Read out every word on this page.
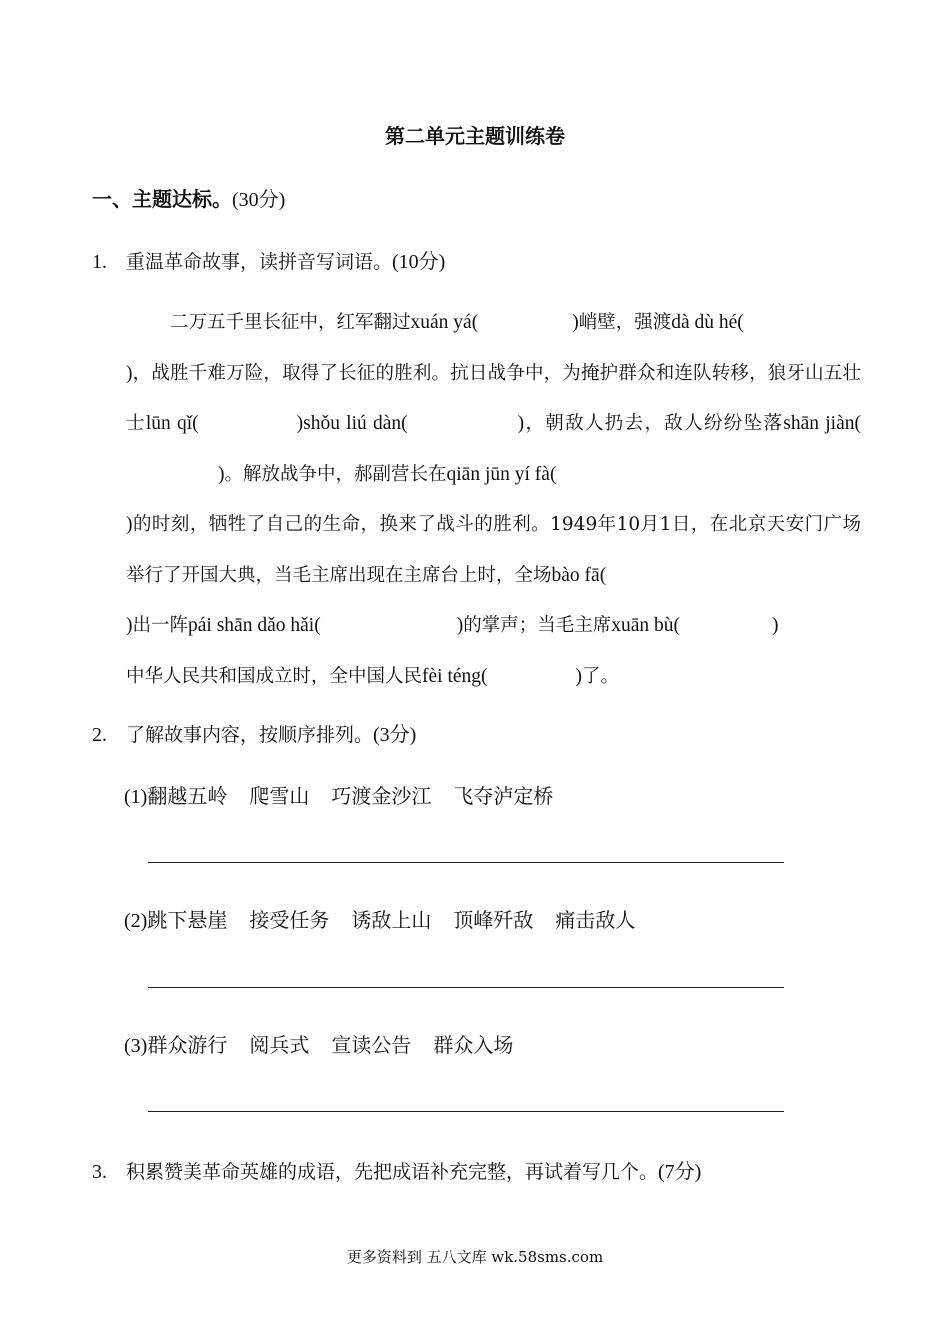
第二单元主题训练卷
一、主题达标。(30分)
1. 重温革命故事，读拼音写词语。(10分)
二万五千里长征中，红军翻过xuán yá(	)峭壁，强渡dà dù hé(
)，战胜千难万险，取得了长征的胜利。抗日战争中，为掩护群众和连队转移，狼牙山五壮士lūn qǐ(	)shǒu liú dàn(	)，朝敌人扔去，敌人纷纷坠落shān jiàn()。解放战争中，郝副营长在qiān jūn yí fà(
)的时刻，牺牲了自己的生命，换来了战斗的胜利。1949年10月1日，在北京天安门广场举行了开国大典，当毛主席出现在主席台上时，全场bào fā(
)出一阵pái shān dǎo hǎi(	)的掌声；当毛主席xuān bù(	)
中华人民共和国成立时，全中国人民fèi téng(	)了。
2. 了解故事内容，按顺序排列。(3分)
(1)翻越五岭 爬雪山 巧渡金沙江 飞夺泸定桥
(2)跳下悬崖 接受任务 诱敌上山 顶峰歼敌 痛击敌人
(3)群众游行 阅兵式 宣读公告 群众入场
3. 积累赞美革命英雄的成语，先把成语补充完整，再试着写几个。(7分)
更多资料到 五八文库 wk.58sms.com
